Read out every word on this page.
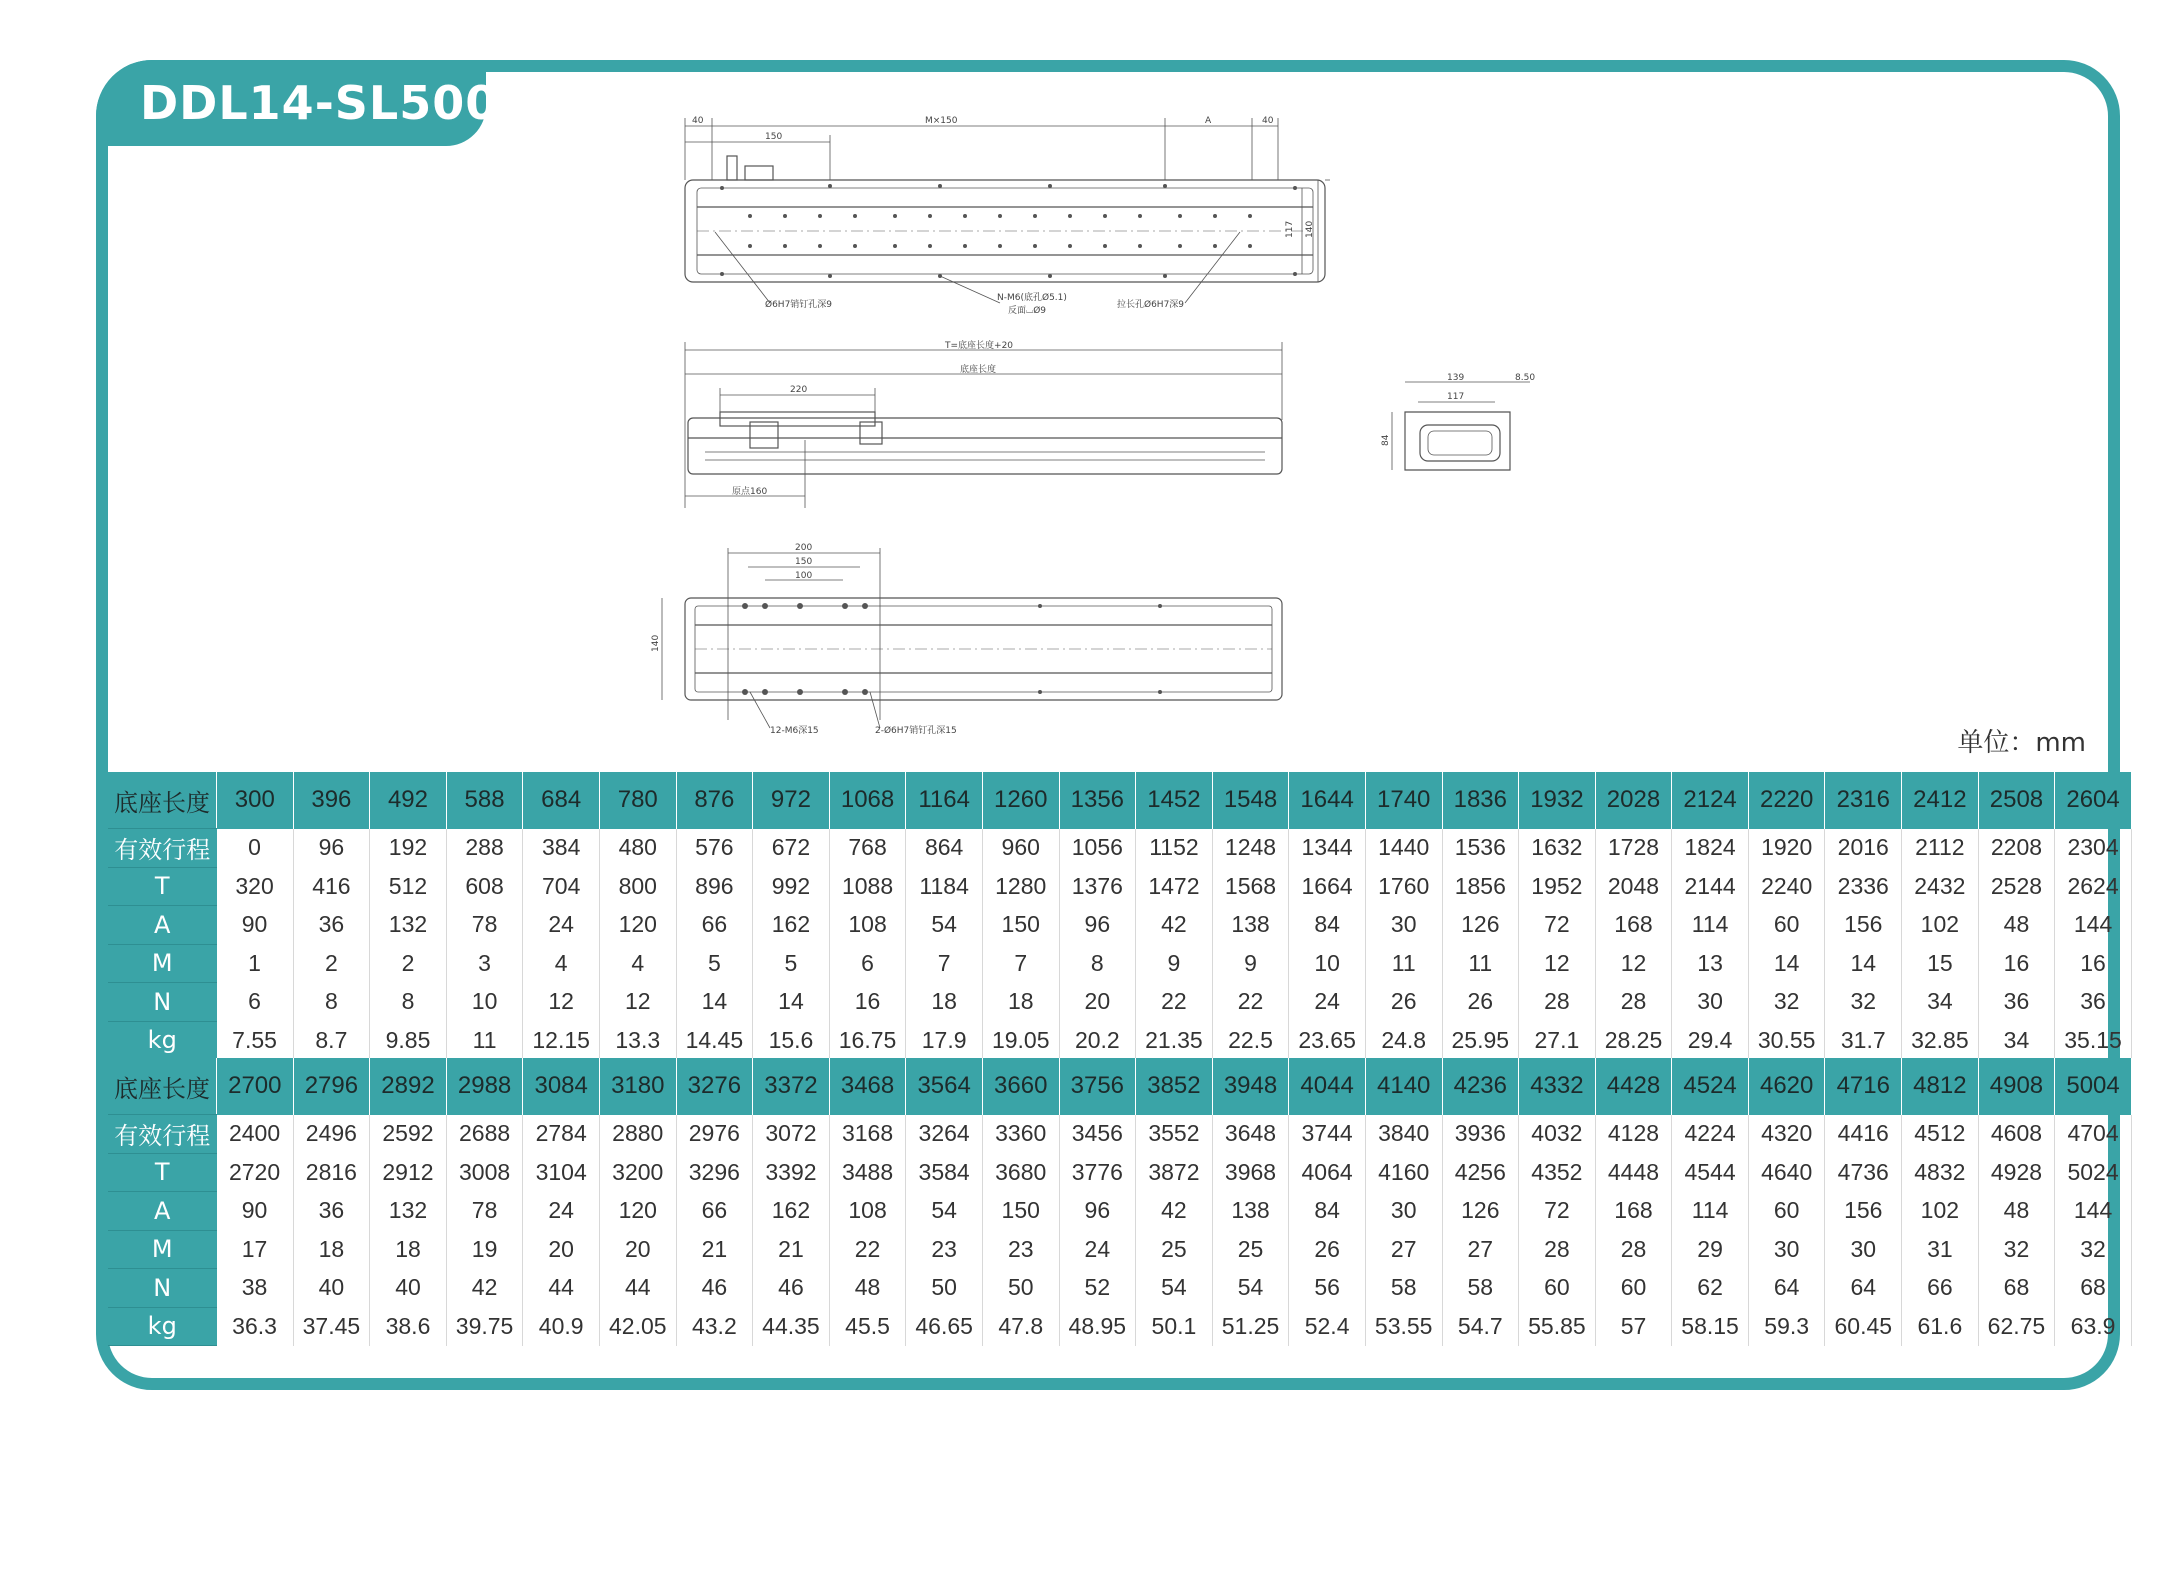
DDL14-SL5009	40	M×150	A	40
150
117 140
Ø6H7销钉孔深9
N-M6(底孔Ø5.1)
反面⌴Ø9
拉长孔Ø6H7深9
T=底座长度+20
底座长度
220
原点160
139	8.50
117
84
200
150
100
140
12-M6深15	2-Ø6H7销钉孔深15	单位：mm
底座长度	300	396	492	588	684	780	876	972	1068	1164	1260	1356	1452	1548	1644	1740	1836	1932	2028	2124	2220	2316	2412	2508	2604
有效行程	0	96	192	288	384	480	576	672	768	864	960	1056	1152	1248	1344	1440	1536	1632	1728	1824	1920	2016	2112	2208	2304
T	320	416	512	608	704	800	896	992	1088	1184	1280	1376	1472	1568	1664	1760	1856	1952	2048	2144	2240	2336	2432	2528	2624
A	90	36	132	78	24	120	66	162	108	54	150	96	42	138	84	30	126	72	168	114	60	156	102	48	144
M	1	2	2	3	4	4	5	5	6	7	7	8	9	9	10	11	11	12	12	13	14	14	15	16	16
N	6	8	8	10	12	12	14	14	16	18	18	20	22	22	24	26	26	28	28	30	32	32	34	36	36
kg	7.55	8.7	9.85	11	12.15	13.3	14.45	15.6	16.75	17.9	19.05	20.2	21.35	22.5	23.65	24.8	25.95	27.1	28.25	29.4	30.55	31.7	32.85	34	35.15
底座长度	2700	2796	2892	2988	3084	3180	3276	3372	3468	3564	3660	3756	3852	3948	4044	4140	4236	4332	4428	4524	4620	4716	4812	4908	5004
有效行程	2400	2496	2592	2688	2784	2880	2976	3072	3168	3264	3360	3456	3552	3648	3744	3840	3936	4032	4128	4224	4320	4416	4512	4608	4704
T	2720	2816	2912	3008	3104	3200	3296	3392	3488	3584	3680	3776	3872	3968	4064	4160	4256	4352	4448	4544	4640	4736	4832	4928	5024
A	90	36	132	78	24	120	66	162	108	54	150	96	42	138	84	30	126	72	168	114	60	156	102	48	144
M	17	18	18	19	20	20	21	21	22	23	23	24	25	25	26	27	27	28	28	29	30	30	31	32	32
N	38	40	40	42	44	44	46	46	48	50	50	52	54	54	56	58	58	60	60	62	64	64	66	68	68
kg	36.3	37.45	38.6	39.75	40.9	42.05	43.2	44.35	45.5	46.65	47.8	48.95	50.1	51.25	52.4	53.55	54.7	55.85	57	58.15	59.3	60.45	61.6	62.75	63.9
